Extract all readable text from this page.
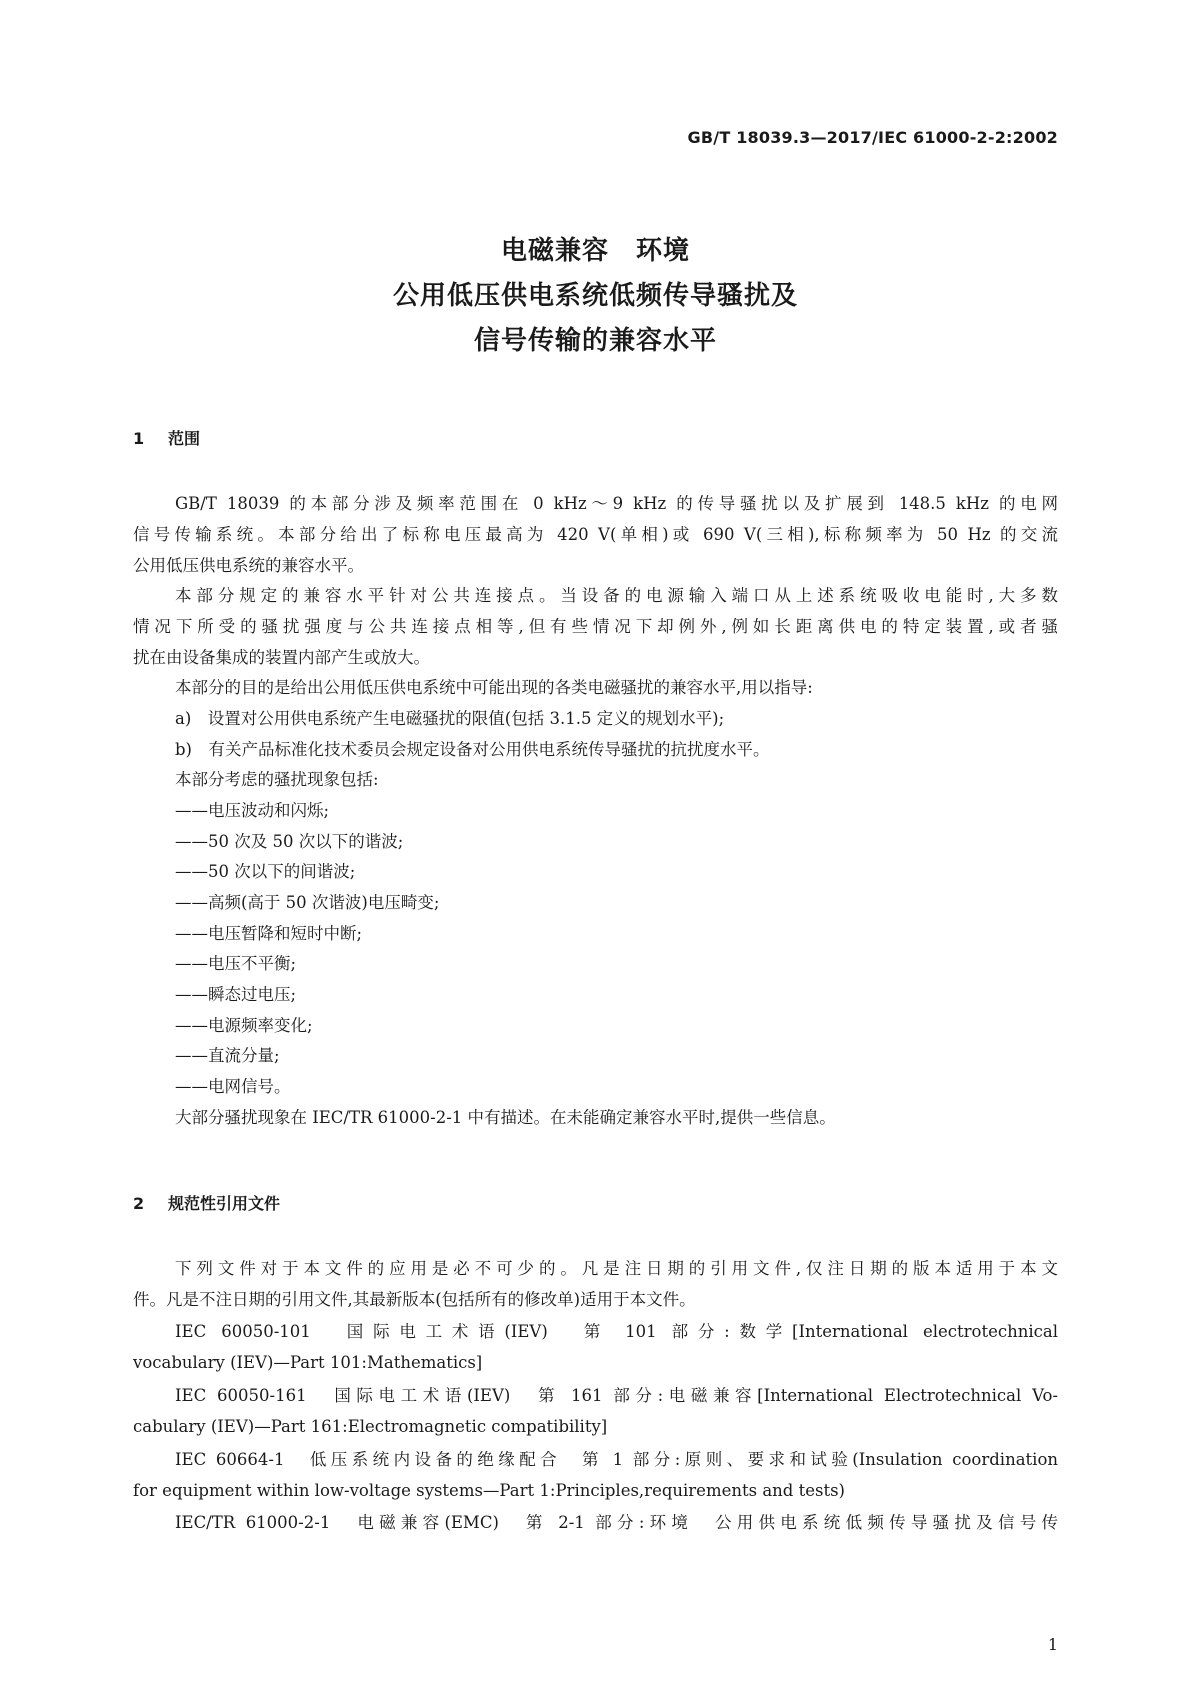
GB/T 18039.3—2017/IEC 61000-2-2:2002
电磁兼容　环境
公用低压供电系统低频传导骚扰及
信号传输的兼容水平
1 范围
GB/T 18039 的本部分涉及频率范围在 0 kHz～9 kHz 的传导骚扰以及扩展到 148.5 kHz 的电网
信号传输系统。本部分给出了标称电压最高为 420 V(单相)或 690 V(三相),标称频率为 50 Hz 的交流
公用低压供电系统的兼容水平。
本部分规定的兼容水平针对公共连接点。当设备的电源输入端口从上述系统吸收电能时,大多数
情况下所受的骚扰强度与公共连接点相等,但有些情况下却例外,例如长距离供电的特定装置,或者骚
扰在由设备集成的装置内部产生或放大。
本部分的目的是给出公用低压供电系统中可能出现的各类电磁骚扰的兼容水平,用以指导:
a)　设置对公用供电系统产生电磁骚扰的限值(包括 3.1.5 定义的规划水平);
b)　有关产品标准化技术委员会规定设备对公用供电系统传导骚扰的抗扰度水平。
本部分考虑的骚扰现象包括:
——电压波动和闪烁;
——50 次及 50 次以下的谐波;
——50 次以下的间谐波;
——高频(高于 50 次谐波)电压畸变;
——电压暂降和短时中断;
——电压不平衡;
——瞬态过电压;
——电源频率变化;
——直流分量;
——电网信号。
大部分骚扰现象在 IEC/TR 61000-2-1 中有描述。在未能确定兼容水平时,提供一些信息。
2 规范性引用文件
下列文件对于本文件的应用是必不可少的。凡是注日期的引用文件,仅注日期的版本适用于本文
件。凡是不注日期的引用文件,其最新版本(包括所有的修改单)适用于本文件。
IEC 60050-101　国际电工术语(IEV)　第 101 部分:数学[International electrotechnical
vocabulary (IEV)—Part 101:Mathematics]
IEC 60050-161　国际电工术语(IEV)　第 161 部分:电磁兼容[International Electrotechnical Vo-
cabulary (IEV)—Part 161:Electromagnetic compatibility]
IEC 60664-1　低压系统内设备的绝缘配合　第 1 部分:原则、要求和试验(Insulation coordination
for equipment within low-voltage systems—Part 1:Principles,requirements and tests)
IEC/TR 61000-2-1　电磁兼容(EMC)　第 2-1 部分:环境　公用供电系统低频传导骚扰及信号传
1
